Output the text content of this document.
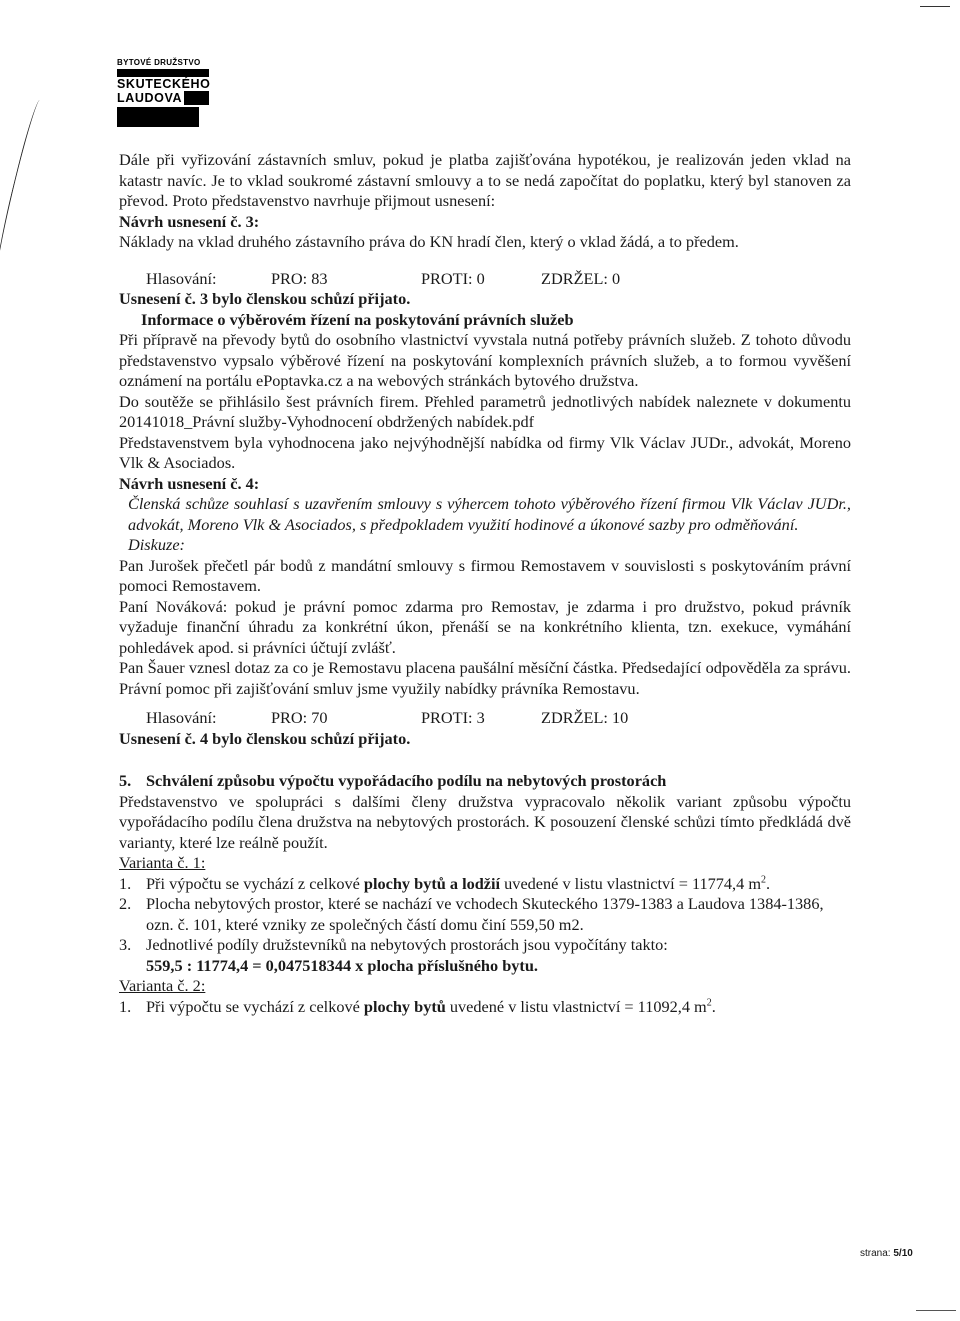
BYTOVÉ DRUŽSTVO
SKUTECKÉHO
LAUDOVA

Dále při vyřizování zástavních smluv, pokud je platba zajišťována hypotékou, je realizován jeden vklad na katastr navíc. Je to vklad soukromé zástavní smlouvy a to se nedá započítat do poplatku, který byl stanoven za převod. Proto představenstvo navrhuje přijmout usnesení:

Návrh usnesení č. 3:

Náklady na vklad druhého zástavního práva do KN hradí člen, který o vklad žádá, a to předem.

Hlasování:	PRO: 83	PROTI: 0	ZDRŽEL: 0

Usnesení č. 3 bylo členskou schůzí přijato.

Informace o výběrovém řízení na poskytování právních služeb

Při přípravě na převody bytů do osobního vlastnictví vyvstala nutná potřeby právních služeb. Z tohoto důvodu představenstvo vypsalo výběrové řízení na poskytování komplexních právních služeb, a to formou vyvěšení oznámení na portálu ePoptavka.cz a na webových stránkách bytového družstva.

Do soutěže se přihlásilo šest právních firem. Přehled parametrů jednotlivých nabídek naleznete v dokumentu 20141018_Právní služby-Vyhodnocení obdržených nabídek.pdf

Představenstvem byla vyhodnocena jako nejvýhodnější nabídka od firmy Vlk Václav JUDr., advokát, Moreno Vlk & Asociados.

Návrh usnesení č. 4:

Členská schůze souhlasí s uzavřením smlouvy s výhercem tohoto výběrového řízení firmou Vlk Václav JUDr., advokát, Moreno Vlk & Asociados, s předpokladem využití hodinové a úkonové sazby pro odměňování.

Diskuze:

Pan Jurošek přečetl pár bodů z mandátní smlouvy s firmou Remostavem v souvislosti s poskytováním právní pomoci Remostavem.

Paní Nováková: pokud je právní pomoc zdarma pro Remostav, je zdarma i pro družstvo, pokud právník vyžaduje finanční úhradu za konkrétní úkon, přenáší se na konkrétního klienta, tzn. exekuce, vymáhání pohledávek apod. si právníci účtují zvlášť.

Pan Šauer vznesl dotaz za co je Remostavu placena paušální měsíční částka. Předsedající odpověděla za správu. Právní pomoc při zajišťování smluv jsme využily nabídky právníka Remostavu.

Hlasování:	PRO: 70	PROTI: 3	ZDRŽEL: 10

Usnesení č. 4 bylo členskou schůzí přijato.

5. Schválení způsobu výpočtu vypořádacího podílu na nebytových prostorách

Představenstvo ve spolupráci s dalšími členy družstva vypracovalo několik variant způsobu výpočtu vypořádacího podílu člena družstva na nebytových prostorách. K posouzení členské schůzi tímto předkládá dvě varianty, které lze reálně použít.

Varianta č. 1:

1. Při výpočtu se vychází z celkové plochy bytů a lodžií uvedené v listu vlastnictví = 11774,4 $m^2$.
2. Plocha nebytových prostor, které se nachází ve vchodech Skuteckého 1379-1383 a Laudova 1384-1386, ozn. č. 101, které vzniky ze společných částí domu činí 559,50 m2.
3. Jednotlivé podíly družstevníků na nebytových prostorách jsou vypočítány takto:
559,5 : 11774,4 = 0,047518344 x plocha příslušného bytu.

Varianta č. 2:

1. Při výpočtu se vychází z celkové plochy bytů uvedené v listu vlastnictví = 11092,4 $m^2$.
strana: 5/10
